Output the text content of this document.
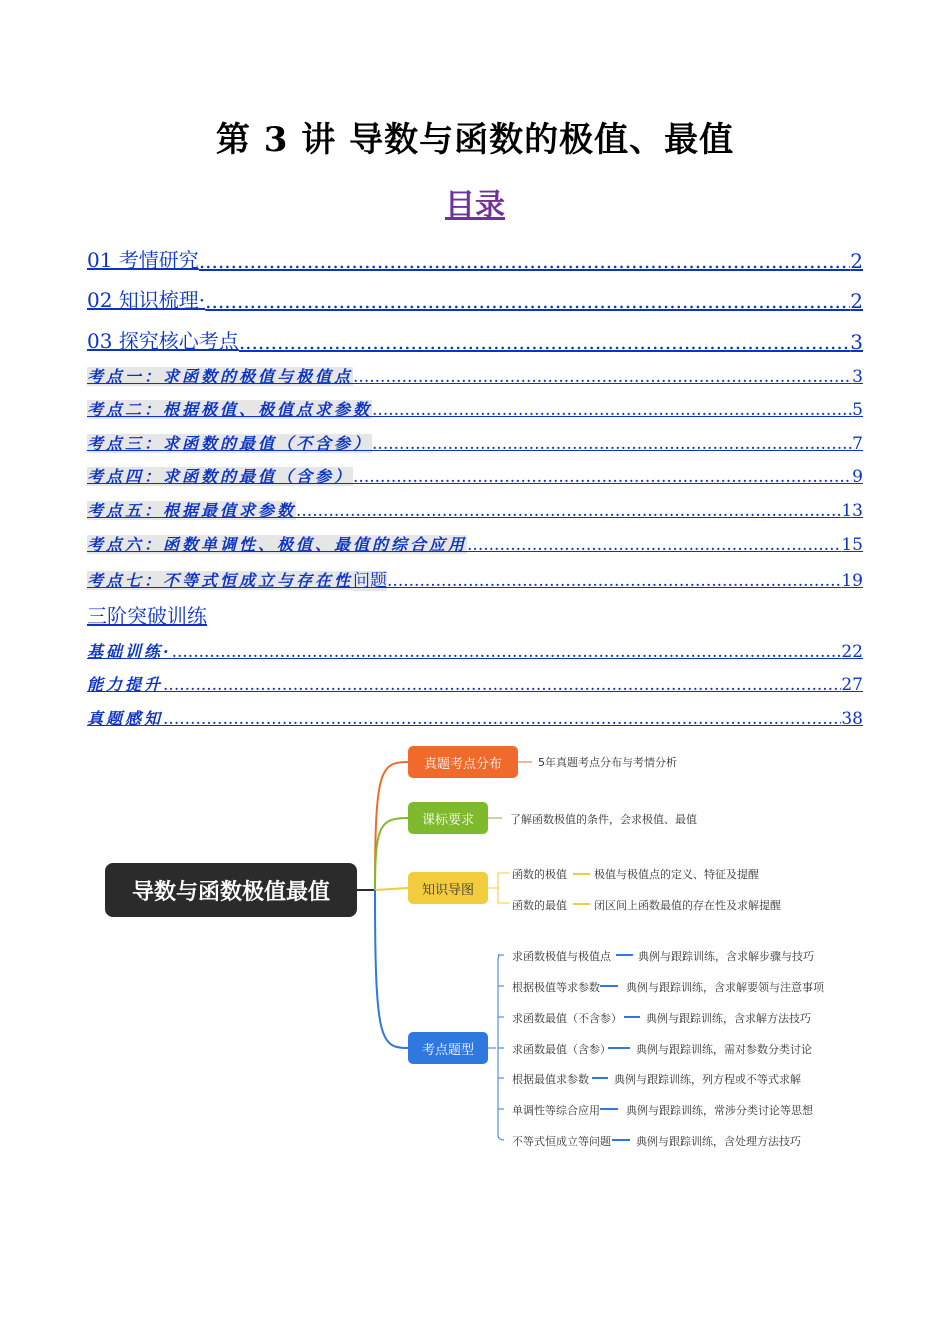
第 3 讲 导数与函数的极值、最值
目录
01 考情研究 .....	2
02 知识梳理· .....	2
03 探究核心考点 .....	3
考点一：求函数的极值与极值点 .....	3
考点二：根据极值、极值点求参数 .....	5
考点三：求函数的最值（不含参） .....	7
考点四：求函数的最值（含参） .....	9
考点五：根据最值求参数 .....	13
考点六：函数单调性、极值、最值的综合应用 .....	15
考点七：不等式恒成立与存在性问题 .....	19
基础训练· .....	22
能力提升 .....	27
真题感知 .....	38
三阶突破训练
导数与函数极值最值
真题考点分布	5年真题考点分布与考情分析
课标要求	了解函数极值的条件，会求极值、最值
知识导图
函数的极值 极值与极值点的定义、特征及提醒
函数的最值 闭区间上函数最值的存在性及求解提醒
考点题型
求函数极值与极值点 典例与跟踪训练，含求解步骤与技巧
根据极值等求参数 典例与跟踪训练，含求解要领与注意事项
求函数最值（不含参） 典例与跟踪训练，含求解方法技巧
求函数最值（含参） 典例与跟踪训练，需对参数分类讨论
根据最值求参数 典例与跟踪训练，列方程或不等式求解
单调性等综合应用 典例与跟踪训练，常涉分类讨论等思想
不等式恒成立等问题 典例与跟踪训练，含处理方法技巧
